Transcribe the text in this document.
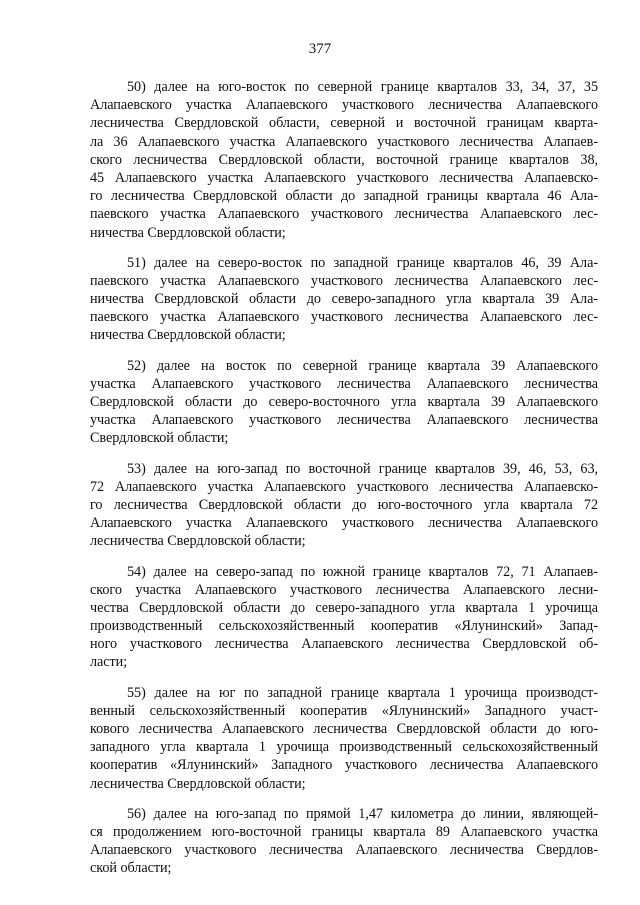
377
50) далее на юго-восток по северной границе кварталов 33, 34, 37, 35
Алапаевского участка Алапаевского участкового лесничества Алапаевского
лесничества Свердловской области, северной и восточной границам кварта-
ла 36 Алапаевского участка Алапаевского участкового лесничества Алапаев-
ского лесничества Свердловской области, восточной границе кварталов 38,
45 Алапаевского участка Алапаевского участкового лесничества Алапаевско-
го лесничества Свердловской области до западной границы квартала 46 Ала-
паевского участка Алапаевского участкового лесничества Алапаевского лес-
ничества Свердловской области;
51) далее на северо-восток по западной границе кварталов 46, 39 Ала-
паевского участка Алапаевского участкового лесничества Алапаевского лес-
ничества Свердловской области до северо-западного угла квартала 39 Ала-
паевского участка Алапаевского участкового лесничества Алапаевского лес-
ничества Свердловской области;
52) далее на восток по северной границе квартала 39 Алапаевского
участка Алапаевского участкового лесничества Алапаевского лесничества
Свердловской области до северо-восточного угла квартала 39 Алапаевского
участка Алапаевского участкового лесничества Алапаевского лесничества
Свердловской области;
53) далее на юго-запад по восточной границе кварталов 39, 46, 53, 63,
72 Алапаевского участка Алапаевского участкового лесничества Алапаевско-
го лесничества Свердловской области до юго-восточного угла квартала 72
Алапаевского участка Алапаевского участкового лесничества Алапаевского
лесничества Свердловской области;
54) далее на северо-запад по южной границе кварталов 72, 71 Алапаев-
ского участка Алапаевского участкового лесничества Алапаевского лесни-
чества Свердловской области до северо-западного угла квартала 1 урочища
производственный сельскохозяйственный кооператив «Ялунинский» Запад-
ного участкового лесничества Алапаевского лесничества Свердловской об-
ласти;
55) далее на юг по западной границе квартала 1 урочища производст-
венный сельскохозяйственный кооператив «Ялунинский» Западного участ-
кового лесничества Алапаевского лесничества Свердловской области до юго-
западного угла квартала 1 урочища производственный сельскохозяйственный
кооператив «Ялунинский» Западного участкового лесничества Алапаевского
лесничества Свердловской области;
56) далее на юго-запад по прямой 1,47 километра до линии, являющей-
ся продолжением юго-восточной границы квартала 89 Алапаевского участка
Алапаевского участкового лесничества Алапаевского лесничества Свердлов-
ской области;
